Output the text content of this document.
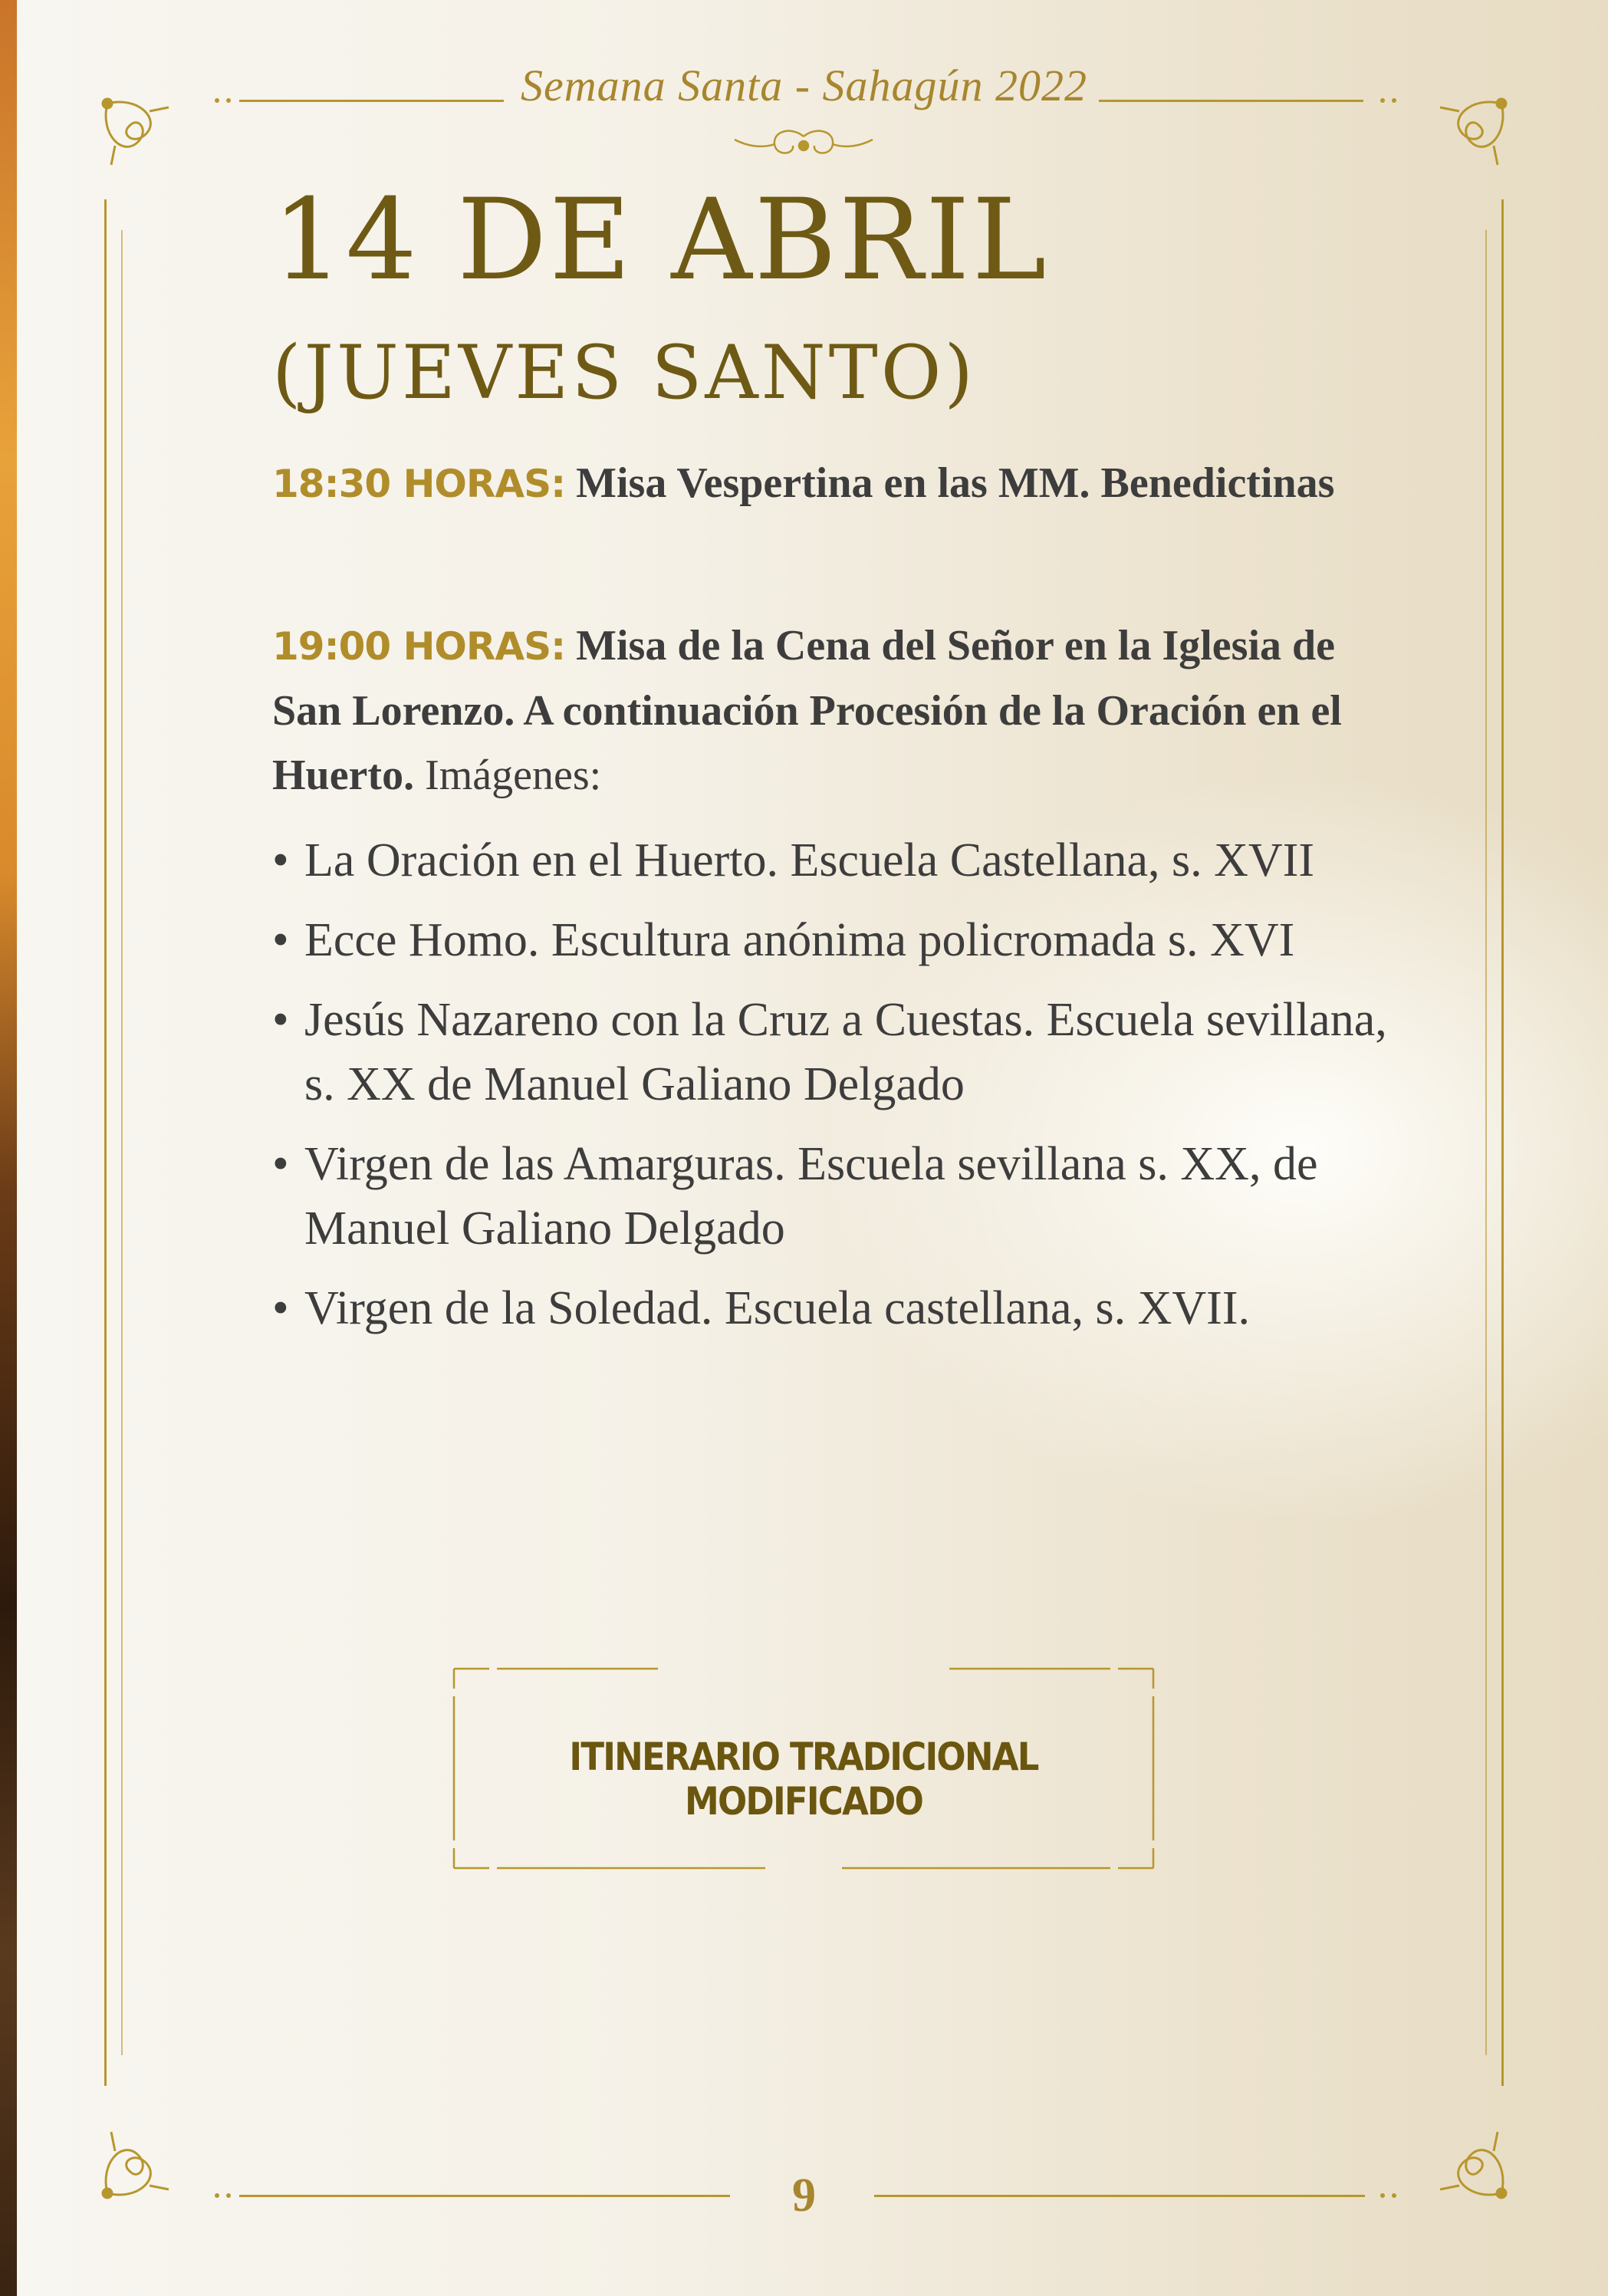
Semana Santa - Sahagún 2022
14 DE ABRIL
(JUEVES SANTO)
18:30 HORAS: Misa Vespertina en las MM. Benedictinas
19:00 HORAS: Misa de la Cena del Señor en la Iglesia de San Lorenzo. A continuación Procesión de la Oración en el Huerto. Imágenes:
• La Oración en el Huerto. Escuela Castellana, s. XVII
• Ecce Homo. Escultura anónima policromada s. XVI
• Jesús Nazareno con la Cruz a Cuestas. Escuela sevillana, s. XX de Manuel Galiano Delgado
• Virgen de las Amarguras. Escuela sevillana s. XX, de Manuel Galiano Delgado
• Virgen de la Soledad. Escuela castellana, s. XVII.
ITINERARIO TRADICIONAL MODIFICADO
9
